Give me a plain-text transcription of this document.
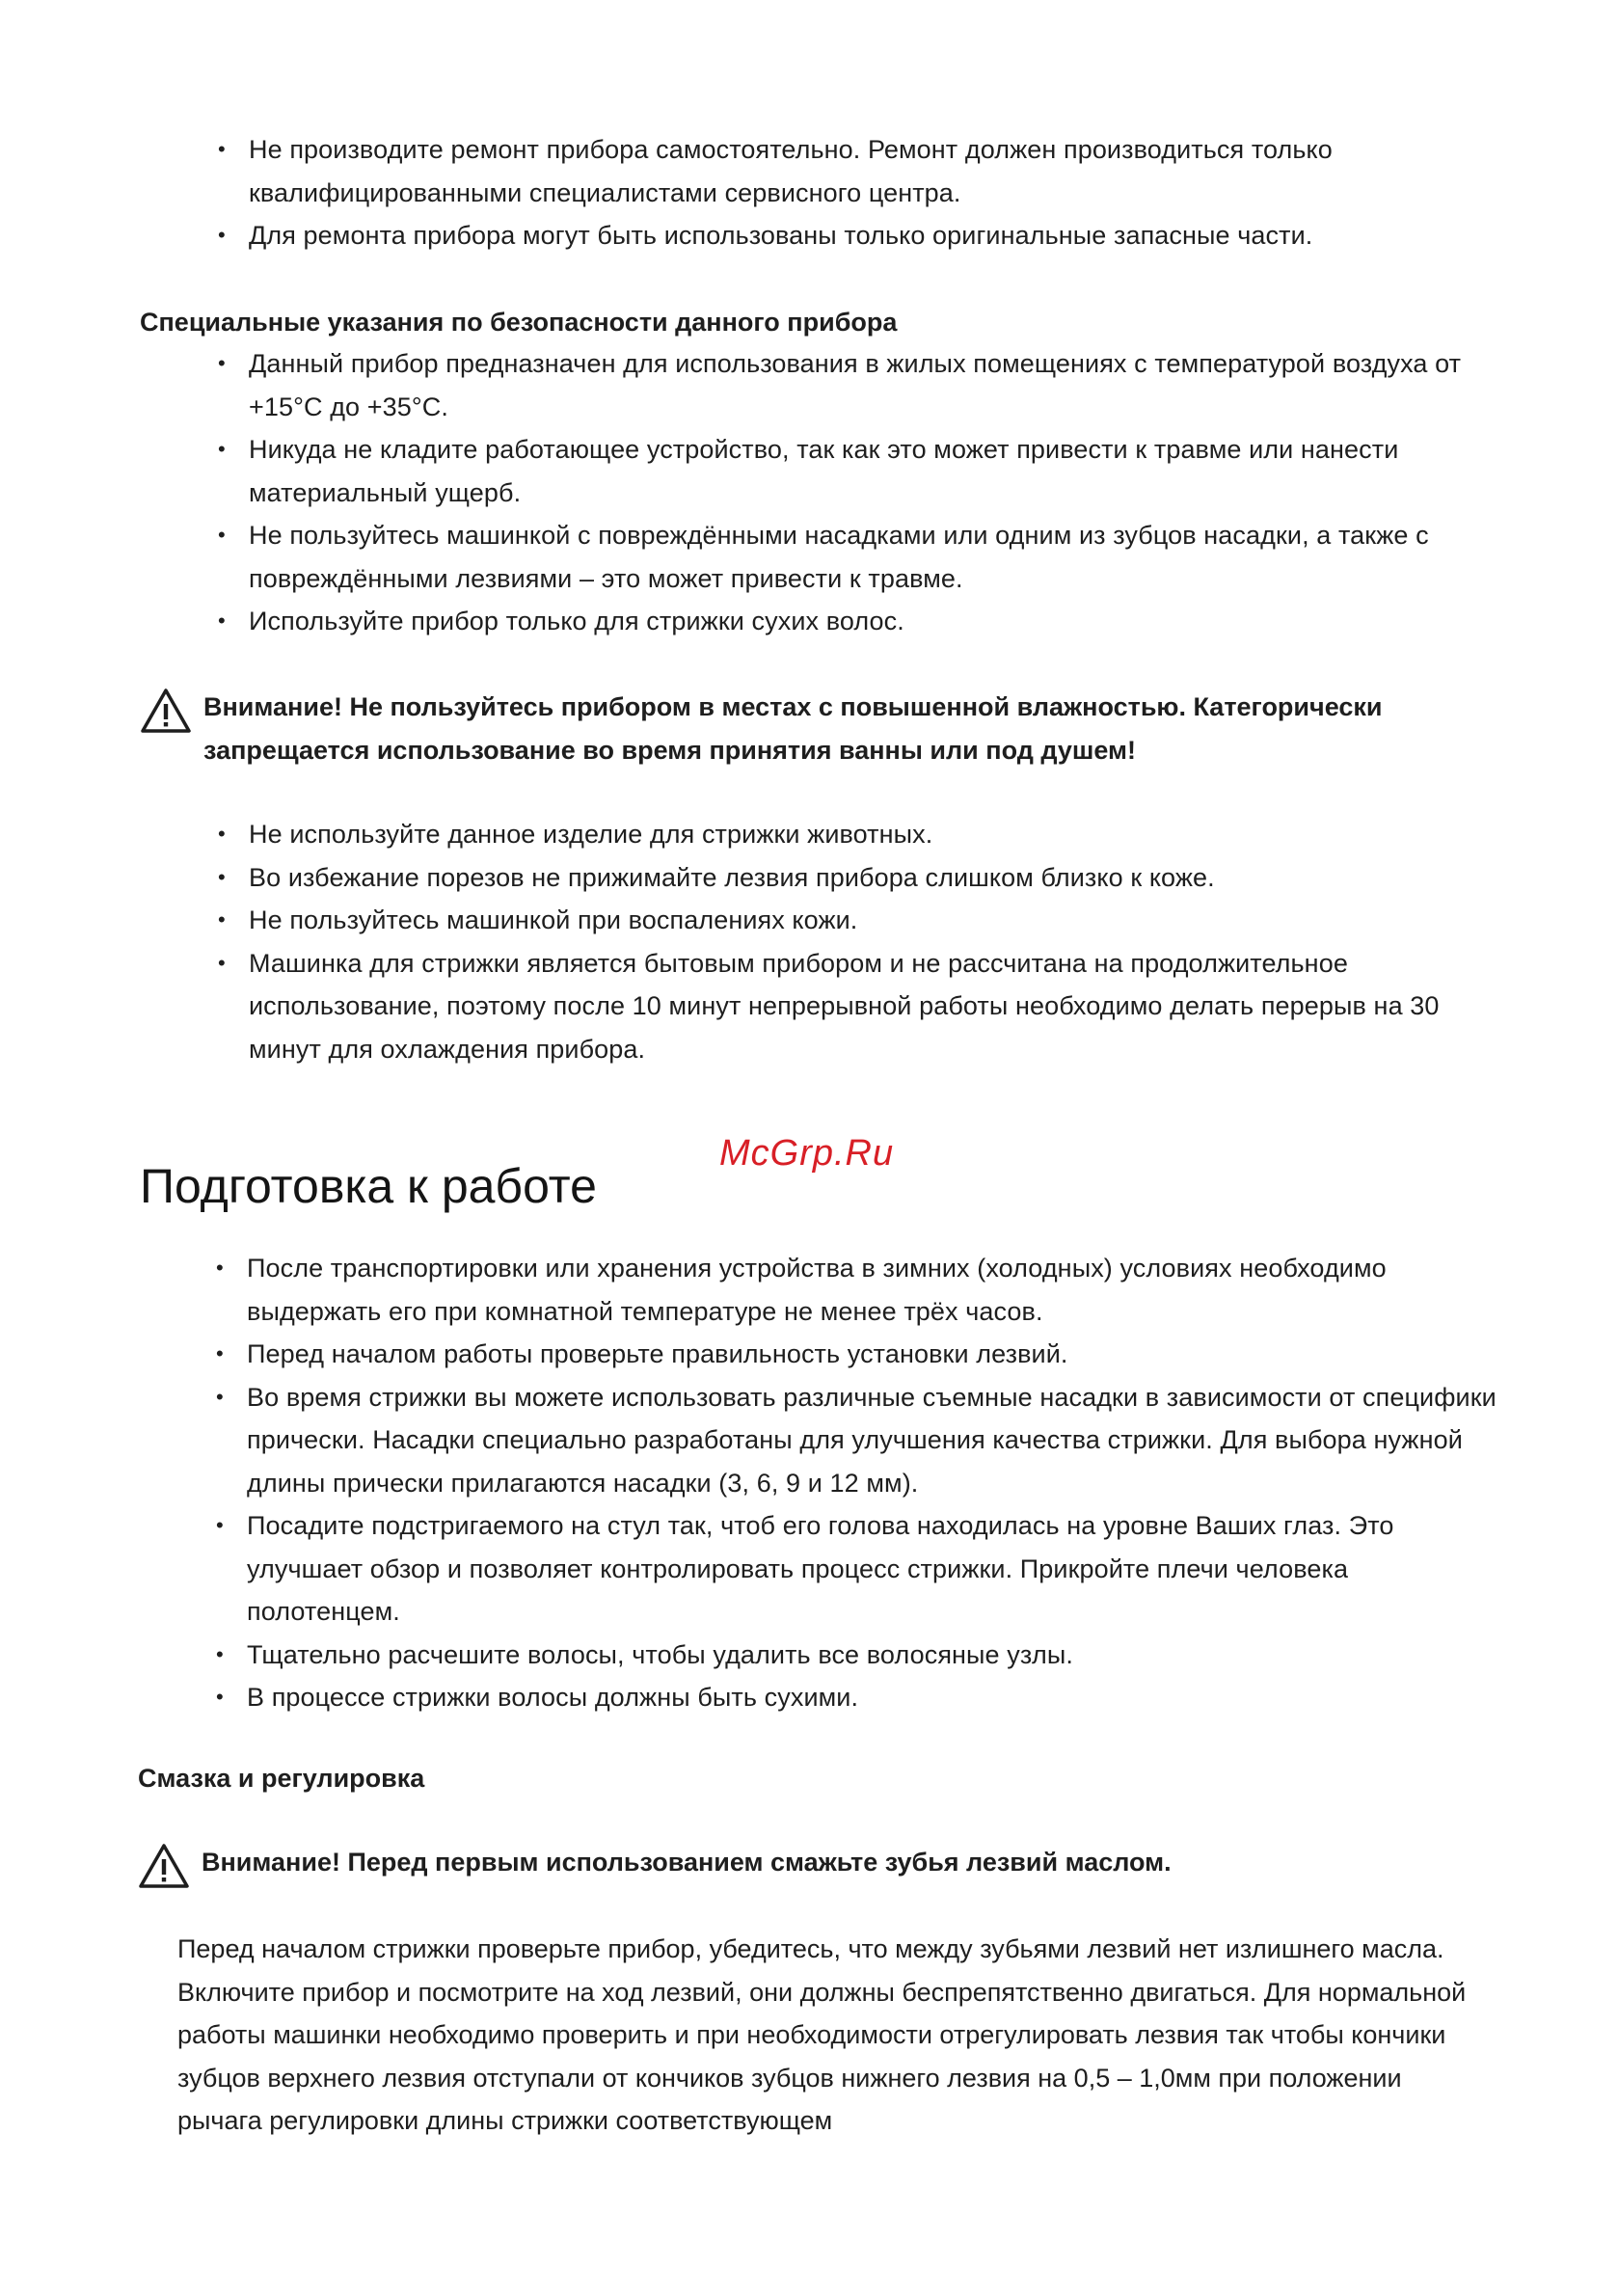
• Не производите ремонт прибора самостоятельно. Ремонт должен производиться только квалифицированными специалистами сервисного центра.
• Для ремонта прибора могут быть использованы только оригинальные запасные части.
Специальные указания по безопасности данного прибора
• Данный прибор предназначен для использования в жилых помещениях с температурой воздуха от +15°C до +35°C.
• Никуда не кладите работающее устройство, так как это может привести к травме или нанести материальный ущерб.
• Не пользуйтесь машинкой с повреждёнными насадками или одним из зубцов насадки, а также с повреждёнными лезвиями – это может привести к травме.
• Используйте прибор только для стрижки сухих волос.
Внимание! Не пользуйтесь прибором в местах с повышенной влажностью. Категорически запрещается использование во время принятия ванны или под душем!
• Не используйте данное изделие для стрижки животных.
• Во избежание порезов не прижимайте лезвия прибора слишком близко к коже.
• Не пользуйтесь машинкой при воспалениях кожи.
• Машинка для стрижки является бытовым прибором и не рассчитана на продолжительное использование, поэтому после 10 минут непрерывной работы необходимо делать перерыв на 30 минут для охлаждения прибора.
McGrp.Ru
Подготовка к работе
• После транспортировки или хранения устройства в зимних (холодных) условиях необходимо выдержать его при комнатной температуре не менее трёх часов.
• Перед началом работы проверьте правильность установки лезвий.
• Во время стрижки вы можете использовать различные съемные насадки в зависимости от специфики прически. Насадки специально разработаны для улучшения качества стрижки. Для выбора нужной длины прически прилагаются насадки (3, 6, 9 и 12 мм).
• Посадите подстригаемого на стул так, чтоб его голова находилась на уровне Ваших глаз. Это улучшает обзор и позволяет контролировать процесс стрижки. Прикройте плечи человека полотенцем.
• Тщательно расчешите волосы, чтобы удалить все волосяные узлы.
• В процессе стрижки волосы должны быть сухими.
Смазка и регулировка
Внимание! Перед первым использованием смажьте зубья лезвий маслом.

Перед началом стрижки проверьте прибор, убедитесь, что между зубьями лезвий нет излишнего масла. Включите прибор и посмотрите на ход лезвий, они должны беспрепятственно двигаться. Для нормальной работы машинки необходимо проверить и при необходимости отрегулировать лезвия так чтобы кончики зубцов верхнего лезвия отступали от кончиков зубцов нижнего лезвия на 0,5 – 1,0мм при положении рычага регулировки длины стрижки соответствующем
